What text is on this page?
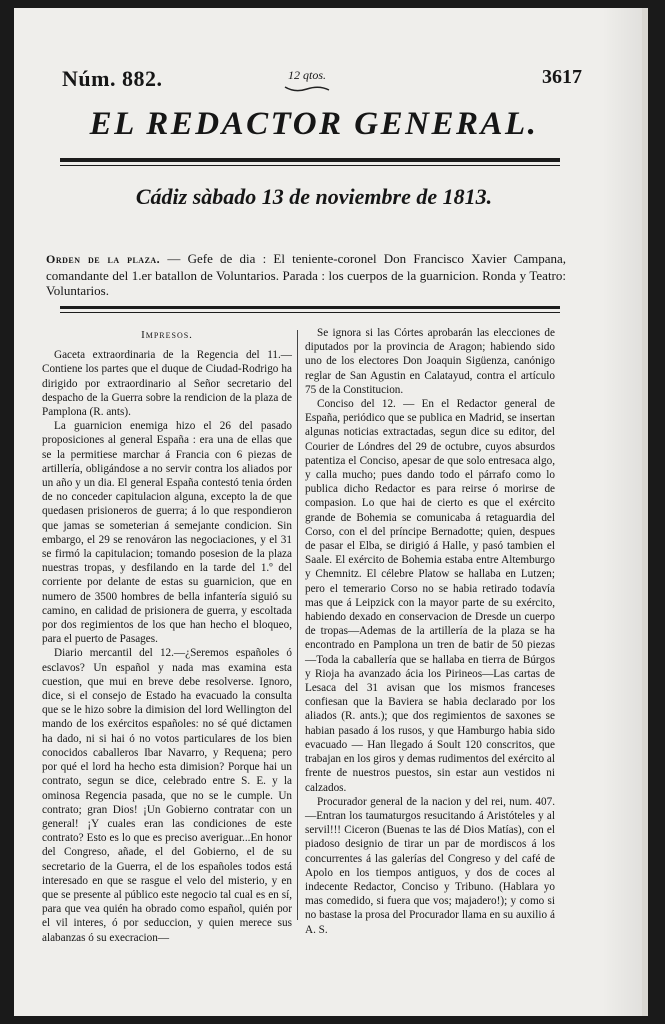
Núm. 882.	12 qtos.	3617
EL REDACTOR GENERAL.
Cádiz sàbado 13 de noviembre de 1813.
Orden de la plaza. — Gefe de dia : El teniente-coronel Don Francisco Xavier Campana, comandante del 1.er batallon de Voluntarios. Parada : los cuerpos de la guarnicion. Ronda y Teatro: Voluntarios.
Impresos.

Gaceta extraordinaria de la Regencia del 11.— Contiene los partes que el duque de Ciudad-Rodrigo ha dirigido por extraordinario al Señor secretario del despacho de la Guerra sobre la rendicion de la plaza de Pamplona (R. ants).

La guarnicion enemiga hizo el 26 del pasado proposiciones al general España : era una de ellas que se la permitiese marchar á Francia con 6 piezas de artillería, obligándose a no servir contra los aliados por un año y un dia. El general España contestó tenia órden de no conceder capitulacion alguna, excepto la de que quedasen prisioneros de guerra; á lo que respondieron que jamas se someterian á semejante condicion. Sin embargo, el 29 se renováron las negociaciones, y el 31 se firmó la capitulacion; tomando posesion de la plaza nuestras tropas, y desfilando en la tarde del 1.º del corriente por delante de estas su guarnicion, que en numero de 3500 hombres de bella infantería siguió su camino, en calidad de prisionera de guerra, y escoltada por dos regimientos de los que han hecho el bloqueo, para el puerto de Pasages.

Diario mercantil del 12.—¿Seremos españoles ó esclavos? Un español y nada mas examina esta cuestion, que mui en breve debe resolverse. Ignoro, dice, si el consejo de Estado ha evacuado la consulta que se le hizo sobre la dimision del lord Wellington del mando de los exércitos españoles: no sé qué dictamen ha dado, ni si hai ó no votos particulares de los bien conocidos caballeros Ibar Navarro, y Requena; pero por qué el lord ha hecho esta dimision? Porque hai un contrato, segun se dice, celebrado entre S. E. y la ominosa Regencia pasada, que no se le cumple. Un contrato; gran Dios! ¡Un Gobierno contratar con un general! ¡Y cuales eran las condiciones de este contrato? Esto es lo que es preciso averiguar...En honor del Congreso, añade, el del Gobierno, el de su secretario de la Guerra, el de los españoles todos está interesado en que se rasgue el velo del misterio, y en que se presente al público este negocio tal cual es en sí, para que vea quién ha obrado como español, quién por el vil interes, ó por seduccion, y quien merece sus alabanzas ó su execracion—

Se ignora si las Córtes aprobarán las elecciones de diputados por la provincia de Aragon; habiendo sido uno de los electores Don Joaquin Sigüenza, canónigo reglar de San Agustin en Calatayud, contra el artículo 75 de la Constitucion.

Conciso del 12. — En el Redactor general de España, periódico que se publica en Madrid, se insertan algunas noticias extractadas, segun dice su editor, del Courier de Lóndres del 29 de octubre, cuyos absurdos patentiza el Conciso, apesar de que solo entresaca algo, y calla mucho; pues dando todo el párrafo como lo publica dicho Redactor es para reirse ó morirse de compasion. Lo que hai de cierto es que el exército grande de Bohemia se comunicaba á retaguardia del Corso, con el del príncipe Bernadotte; quien, despues de pasar el Elba, se dirigió á Halle, y pasó tambien el Saale. El exército de Bohemia estaba entre Altemburgo y Chemnitz. El célebre Platow se hallaba en Lutzen; pero el temerario Corso no se habia retirado todavía mas que á Leipzick con la mayor parte de su exército, habiendo dexado en conservacion de Dresde un cuerpo de tropas—Ademas de la artillería de la plaza se ha encontrado en Pamplona un tren de batir de 50 piezas—Toda la caballería que se hallaba en tierra de Búrgos y Rioja ha avanzado ácia los Pirineos—Las cartas de Lesaca del 31 avisan que los mismos franceses confiesan que la Baviera se habia declarado por los aliados (R. ants.); que dos regimientos de saxones se habian pasado á los rusos, y que Hamburgo habia sido evacuado — Han llegado á Soult 120 conscritos, que trabajan en los giros y demas rudimentos del exército al frente de nuestros puestos, sin estar aun vestidos ni calzados.

Procurador general de la nacion y del rei, num. 407.—Entran los taumaturgos resucitando á Aristóteles y al servil!!! Ciceron (Buenas te las dé Dios Matías), con el piadoso designio de tirar un par de mordiscos á los concurrentes á las galerías del Congreso y del café de Apolo en los tiempos antiguos, y dos de coces al indecente Redactor, Conciso y Tribuno. (Hablara yo mas comedido, si fuera que vos; majadero!); y como si no bastase la prosa del Procurador llama en su auxilio á A. S.
